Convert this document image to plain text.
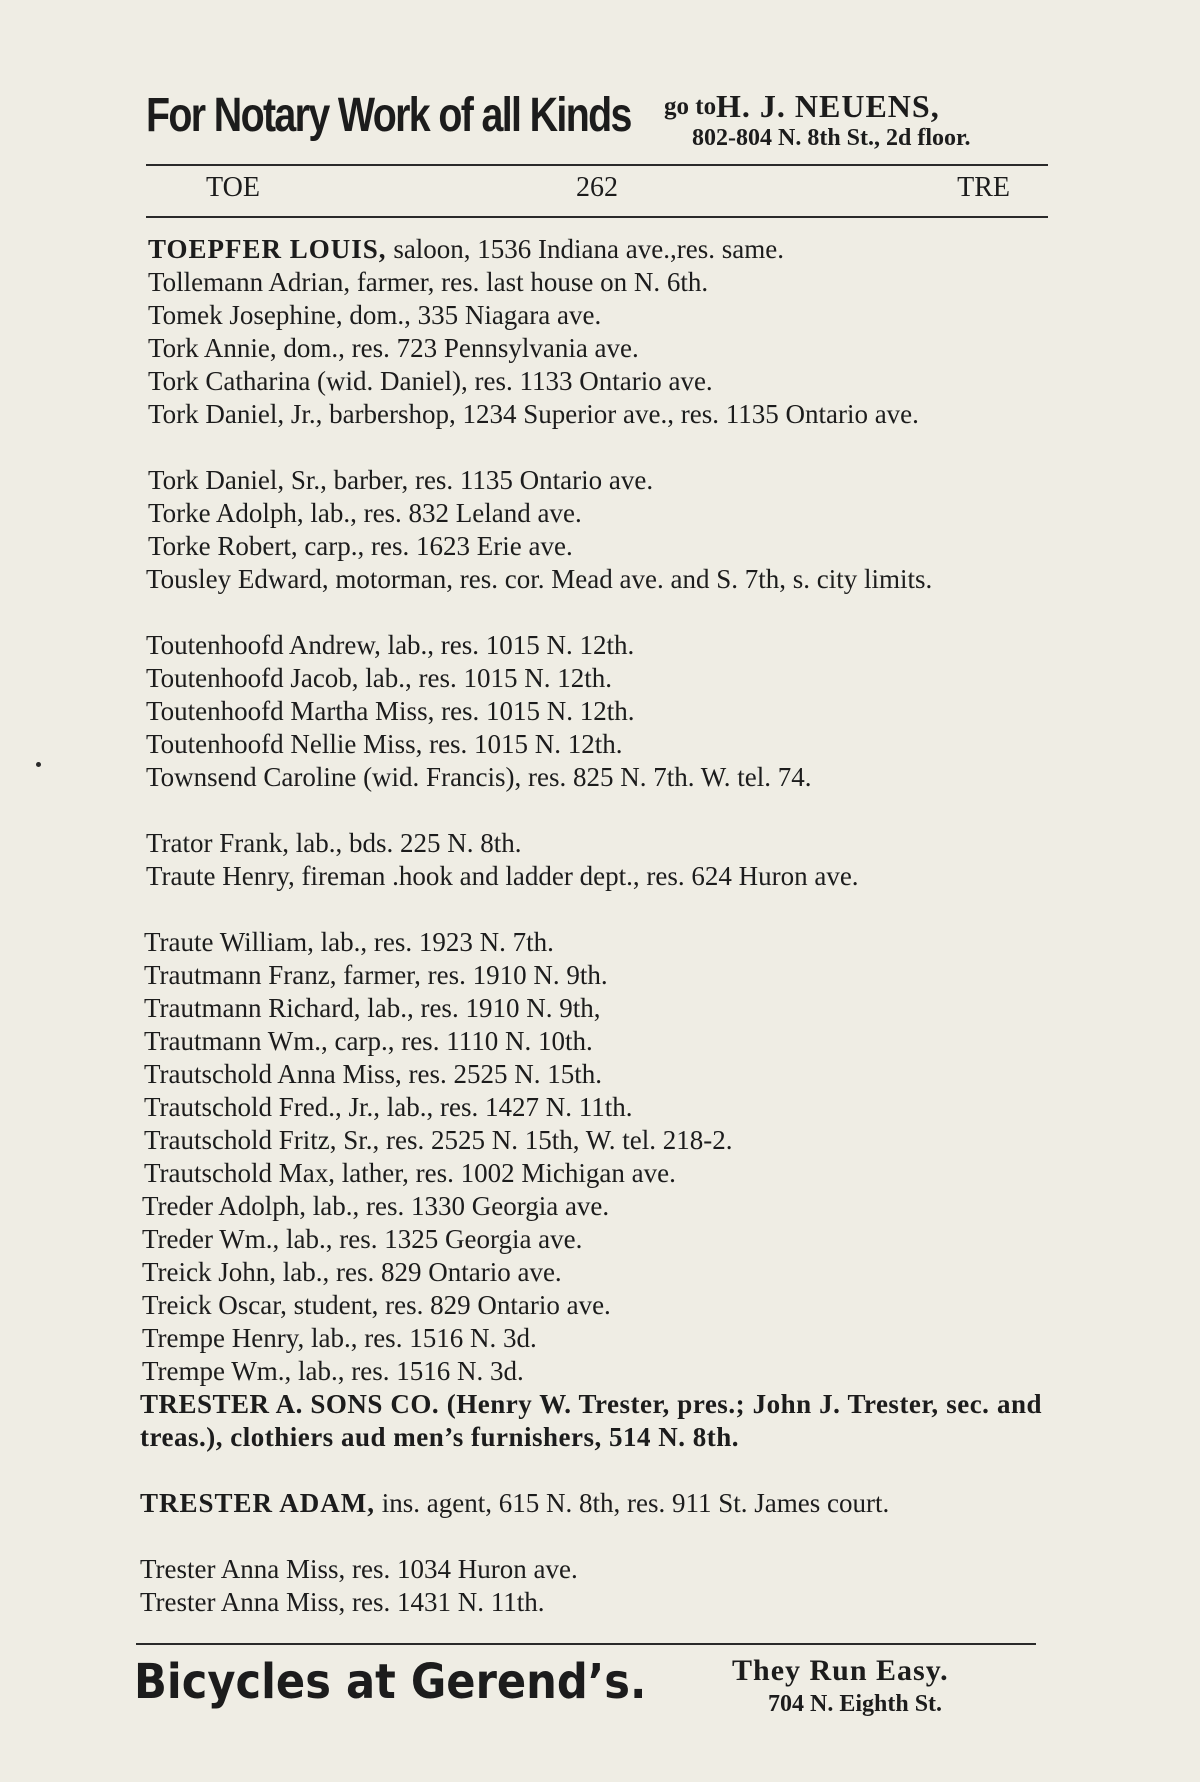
For Notary Work of all Kinds go to H. J. NEUENS,
802-804 N. 8th St., 2d floor.
TOE	262	TRE
TOEPFER LOUIS, saloon, 1536 Indiana ave.,res. same.
Tollemann Adrian, farmer, res. last house on N. 6th.
Tomek Josephine, dom., 335 Niagara ave.
Tork Annie, dom., res. 723 Pennsylvania ave.
Tork Catharina (wid. Daniel), res. 1133 Ontario ave.
Tork Daniel, Jr., barbershop, 1234 Superior ave., res. 1135 Ontario ave.
Tork Daniel, Sr., barber, res. 1135 Ontario ave.
Torke Adolph, lab., res. 832 Leland ave.
Torke Robert, carp., res. 1623 Erie ave.
Tousley Edward, motorman, res. cor. Mead ave. and S. 7th, s. city limits.
Toutenhoofd Andrew, lab., res. 1015 N. 12th.
Toutenhoofd Jacob, lab., res. 1015 N. 12th.
Toutenhoofd Martha Miss, res. 1015 N. 12th.
Toutenhoofd Nellie Miss, res. 1015 N. 12th.
Townsend Caroline (wid. Francis), res. 825 N. 7th. W. tel. 74.
Trator Frank, lab., bds. 225 N. 8th.
Traute Henry, fireman .hook and ladder dept., res. 624 Huron ave.
Traute William, lab., res. 1923 N. 7th.
Trautmann Franz, farmer, res. 1910 N. 9th.
Trautmann Richard, lab., res. 1910 N. 9th,
Trautmann Wm., carp., res. 1110 N. 10th.
Trautschold Anna Miss, res. 2525 N. 15th.
Trautschold Fred., Jr., lab., res. 1427 N. 11th.
Trautschold Fritz, Sr., res. 2525 N. 15th, W. tel. 218-2.
Trautschold Max, lather, res. 1002 Michigan ave.
Treder Adolph, lab., res. 1330 Georgia ave.
Treder Wm., lab., res. 1325 Georgia ave.
Treick John, lab., res. 829 Ontario ave.
Treick Oscar, student, res. 829 Ontario ave.
Trempe Henry, lab., res. 1516 N. 3d.
Trempe Wm., lab., res. 1516 N. 3d.
TRESTER A. SONS CO. (Henry W. Trester, pres.; John J. Trester, sec. and treas.), clothiers aud men’s furnishers, 514 N. 8th.
TRESTER ADAM, ins. agent, 615 N. 8th, res. 911 St. James court.
Trester Anna Miss, res. 1034 Huron ave.
Trester Anna Miss, res. 1431 N. 11th.
Bicycles at Gerend’s.	They Run Easy.
704 N. Eighth St.
